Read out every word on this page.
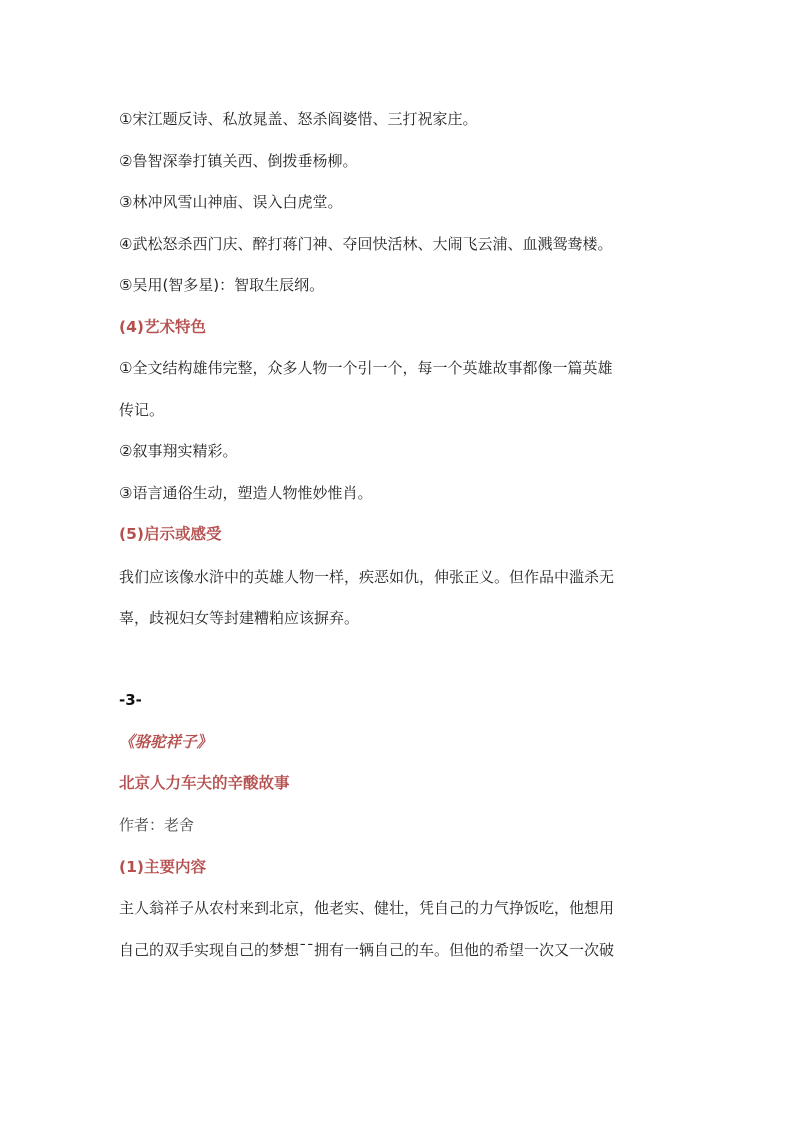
①宋江题反诗、私放晁盖、怒杀阎婆惜、三打祝家庄。
②鲁智深拳打镇关西、倒拨垂杨柳。
③林冲风雪山神庙、误入白虎堂。
④武松怒杀西门庆、醉打蒋门神、夺回快活林、大闹飞云浦、血溅鸳鸯楼。
⑤吴用(智多星)：智取生辰纲。
(4)艺术特色
①全文结构雄伟完整，众多人物一个引一个，每一个英雄故事都像一篇英雄
传记。
②叙事翔实精彩。
③语言通俗生动，塑造人物惟妙惟肖。
(5)启示或感受
我们应该像水浒中的英雄人物一样，疾恶如仇，伸张正义。但作品中滥杀无
辜，歧视妇女等封建糟粕应该摒弃。
-3-
《骆驼祥子》
北京人力车夫的辛酸故事
作者：老舍
(1)主要内容
主人翁祥子从农村来到北京，他老实、健壮，凭自己的力气挣饭吃，他想用
自己的双手实现自己的梦想¯¯拥有一辆自己的车。但他的希望一次又一次破
